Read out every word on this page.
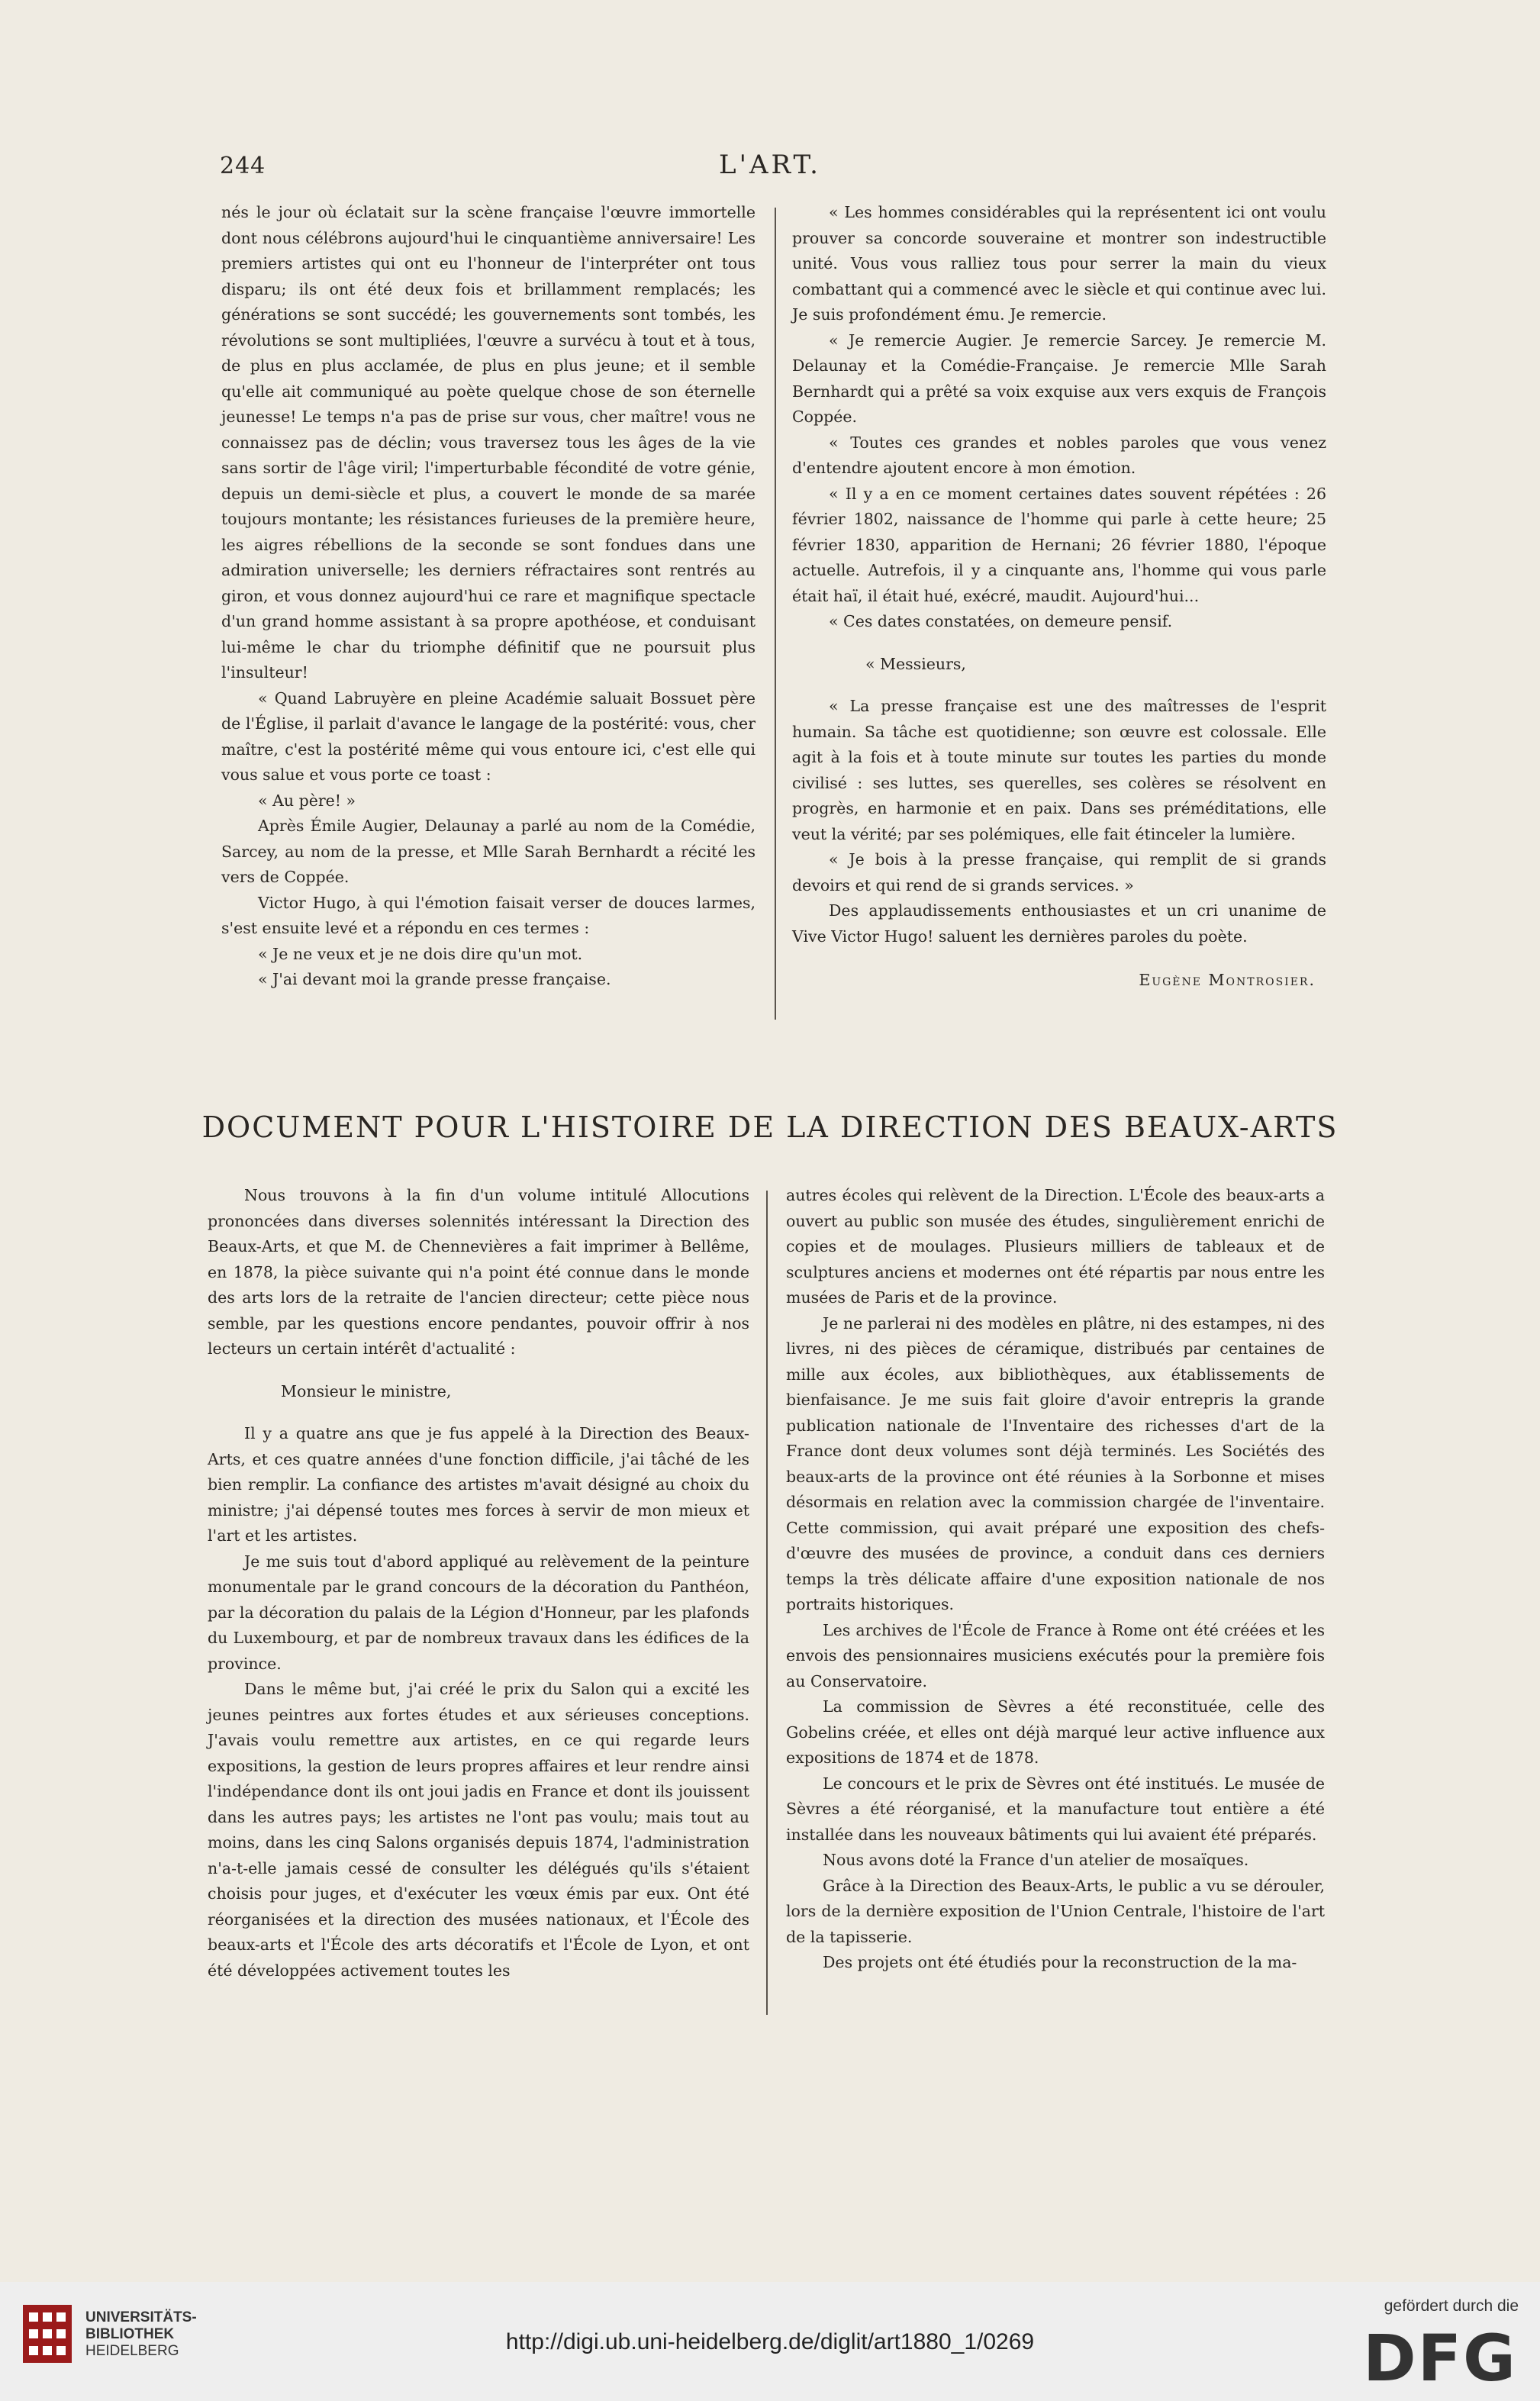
244	L'ART.

nés le jour où éclatait sur la scène française l'œuvre immortelle dont nous célébrons aujourd'hui le cinquantième anniversaire! Les premiers artistes qui ont eu l'honneur de l'interpréter ont tous disparu; ils ont été deux fois et brillamment remplacés; les générations se sont succédé; les gouvernements sont tombés, les révolutions se sont multipliées, l'œuvre a survécu à tout et à tous, de plus en plus acclamée, de plus en plus jeune; et il semble qu'elle ait communiqué au poète quelque chose de son éternelle jeunesse! Le temps n'a pas de prise sur vous, cher maître! vous ne connaissez pas de déclin; vous traversez tous les âges de la vie sans sortir de l'âge viril; l'imperturbable fécondité de votre génie, depuis un demi-siècle et plus, a couvert le monde de sa marée toujours montante; les résistances furieuses de la première heure, les aigres rébellions de la seconde se sont fondues dans une admiration universelle; les derniers réfractaires sont rentrés au giron, et vous donnez aujourd'hui ce rare et magnifique spectacle d'un grand homme assistant à sa propre apothéose, et conduisant lui-même le char du triomphe définitif que ne poursuit plus l'insulteur!

« Quand Labruyère en pleine Académie saluait Bossuet père de l'Église, il parlait d'avance le langage de la postérité: vous, cher maître, c'est la postérité même qui vous entoure ici, c'est elle qui vous salue et vous porte ce toast :

« Au père! »

Après Émile Augier, Delaunay a parlé au nom de la Comédie, Sarcey, au nom de la presse, et Mlle Sarah Bernhardt a récité les vers de Coppée.

Victor Hugo, à qui l'émotion faisait verser de douces larmes, s'est ensuite levé et a répondu en ces termes :

« Je ne veux et je ne dois dire qu'un mot.

« J'ai devant moi la grande presse française.

« Les hommes considérables qui la représentent ici ont voulu prouver sa concorde souveraine et montrer son indestructible unité. Vous vous ralliez tous pour serrer la main du vieux combattant qui a commencé avec le siècle et qui continue avec lui. Je suis profondément ému. Je remercie.

« Je remercie Augier. Je remercie Sarcey. Je remercie M. Delaunay et la Comédie-Française. Je remercie Mlle Sarah Bernhardt qui a prêté sa voix exquise aux vers exquis de François Coppée.

« Toutes ces grandes et nobles paroles que vous venez d'entendre ajoutent encore à mon émotion.

« Il y a en ce moment certaines dates souvent répétées : 26 février 1802, naissance de l'homme qui parle à cette heure; 25 février 1830, apparition de Hernani; 26 février 1880, l'époque actuelle. Autrefois, il y a cinquante ans, l'homme qui vous parle était haï, il était hué, exécré, maudit. Aujourd'hui...

« Ces dates constatées, on demeure pensif.

« Messieurs,

« La presse française est une des maîtresses de l'esprit humain. Sa tâche est quotidienne; son œuvre est colossale. Elle agit à la fois et à toute minute sur toutes les parties du monde civilisé : ses luttes, ses querelles, ses colères se résolvent en progrès, en harmonie et en paix. Dans ses préméditations, elle veut la vérité; par ses polémiques, elle fait étinceler la lumière.

« Je bois à la presse française, qui remplit de si grands devoirs et qui rend de si grands services. »

Des applaudissements enthousiastes et un cri unanime de Vive Victor Hugo! saluent les dernières paroles du poète.

Eugène Montrosier.

DOCUMENT POUR L'HISTOIRE DE LA DIRECTION DES BEAUX-ARTS

Nous trouvons à la fin d'un volume intitulé Allocutions prononcées dans diverses solennités intéressant la Direction des Beaux-Arts, et que M. de Chennevières a fait imprimer à Bellême, en 1878, la pièce suivante qui n'a point été connue dans le monde des arts lors de la retraite de l'ancien directeur; cette pièce nous semble, par les questions encore pendantes, pouvoir offrir à nos lecteurs un certain intérêt d'actualité :

Monsieur le ministre,

Il y a quatre ans que je fus appelé à la Direction des Beaux-Arts, et ces quatre années d'une fonction difficile, j'ai tâché de les bien remplir. La confiance des artistes m'avait désigné au choix du ministre; j'ai dépensé toutes mes forces à servir de mon mieux et l'art et les artistes.

Je me suis tout d'abord appliqué au relèvement de la peinture monumentale par le grand concours de la décoration du Panthéon, par la décoration du palais de la Légion d'Honneur, par les plafonds du Luxembourg, et par de nombreux travaux dans les édifices de la province.

Dans le même but, j'ai créé le prix du Salon qui a excité les jeunes peintres aux fortes études et aux sérieuses conceptions. J'avais voulu remettre aux artistes, en ce qui regarde leurs expositions, la gestion de leurs propres affaires et leur rendre ainsi l'indépendance dont ils ont joui jadis en France et dont ils jouissent dans les autres pays; les artistes ne l'ont pas voulu; mais tout au moins, dans les cinq Salons organisés depuis 1874, l'administration n'a-t-elle jamais cessé de consulter les délégués qu'ils s'étaient choisis pour juges, et d'exécuter les vœux émis par eux. Ont été réorganisées et la direction des musées nationaux, et l'École des beaux-arts et l'École des arts décoratifs et l'École de Lyon, et ont été développées activement toutes les

autres écoles qui relèvent de la Direction. L'École des beaux-arts a ouvert au public son musée des études, singulièrement enrichi de copies et de moulages. Plusieurs milliers de tableaux et de sculptures anciens et modernes ont été répartis par nous entre les musées de Paris et de la province.

Je ne parlerai ni des modèles en plâtre, ni des estampes, ni des livres, ni des pièces de céramique, distribués par centaines de mille aux écoles, aux bibliothèques, aux établissements de bienfaisance. Je me suis fait gloire d'avoir entrepris la grande publication nationale de l'Inventaire des richesses d'art de la France dont deux volumes sont déjà terminés. Les Sociétés des beaux-arts de la province ont été réunies à la Sorbonne et mises désormais en relation avec la commission chargée de l'inventaire. Cette commission, qui avait préparé une exposition des chefs-d'œuvre des musées de province, a conduit dans ces derniers temps la très délicate affaire d'une exposition nationale de nos portraits historiques.

Les archives de l'École de France à Rome ont été créées et les envois des pensionnaires musiciens exécutés pour la première fois au Conservatoire.

La commission de Sèvres a été reconstituée, celle des Gobelins créée, et elles ont déjà marqué leur active influence aux expositions de 1874 et de 1878.

Le concours et le prix de Sèvres ont été institués. Le musée de Sèvres a été réorganisé, et la manufacture tout entière a été installée dans les nouveaux bâtiments qui lui avaient été préparés.

Nous avons doté la France d'un atelier de mosaïques.

Grâce à la Direction des Beaux-Arts, le public a vu se dérouler, lors de la dernière exposition de l'Union Centrale, l'histoire de l'art de la tapisserie.

Des projets ont été étudiés pour la reconstruction de la ma-

UNIVERSITÄTS-
BIBLIOTHEK
HEIDELBERG	http://digi.ub.uni-heidelberg.de/diglit/art1880_1/0269
gefördert durch die
DFG
